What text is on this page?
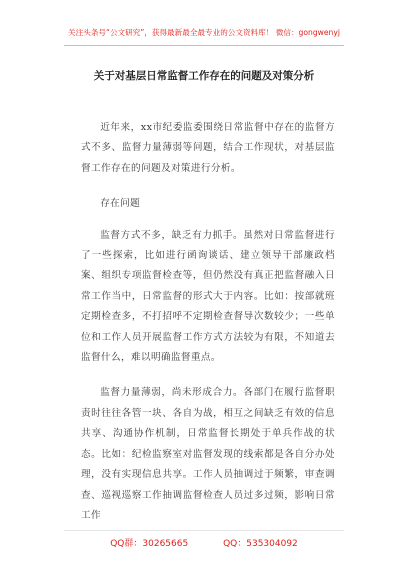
关注头条号“公文研究”，获得最新最全最专业的公文资料库！ 微信：gongwenyj
关于对基层日常监督工作存在的问题及对策分析

近年来，xx市纪委监委围绕日常监督中存在的监督方式不多、监督力量薄弱等问题，结合工作现状，对基层监督工作存在的问题及对策进行分析。

存在问题

监督方式不多，缺乏有力抓手。虽然对日常监督进行了一些探索，比如进行函询谈话、建立领导干部廉政档案、组织专项监督检查等，但仍然没有真正把监督融入日常工作当中，日常监督的形式大于内容。比如：按部就班定期检查多，不打招呼不定期检查督导次数较少；一些单位和工作人员开展监督工作方式方法较为有限，不知道去监督什么，难以明确监督重点。

监督力量薄弱，尚未形成合力。各部门在履行监督职责时往往各管一块、各自为战，相互之间缺乏有效的信息共享、沟通协作机制，日常监督长期处于单兵作战的状态。比如：纪检监察室对监督发现的线索都是各自分办处理，没有实现信息共享。工作人员抽调过于频繁，审查调查、巡视巡察工作抽调监督检查人员过多过频，影响日常工作

QQ群：30265665	QQ：535304092
